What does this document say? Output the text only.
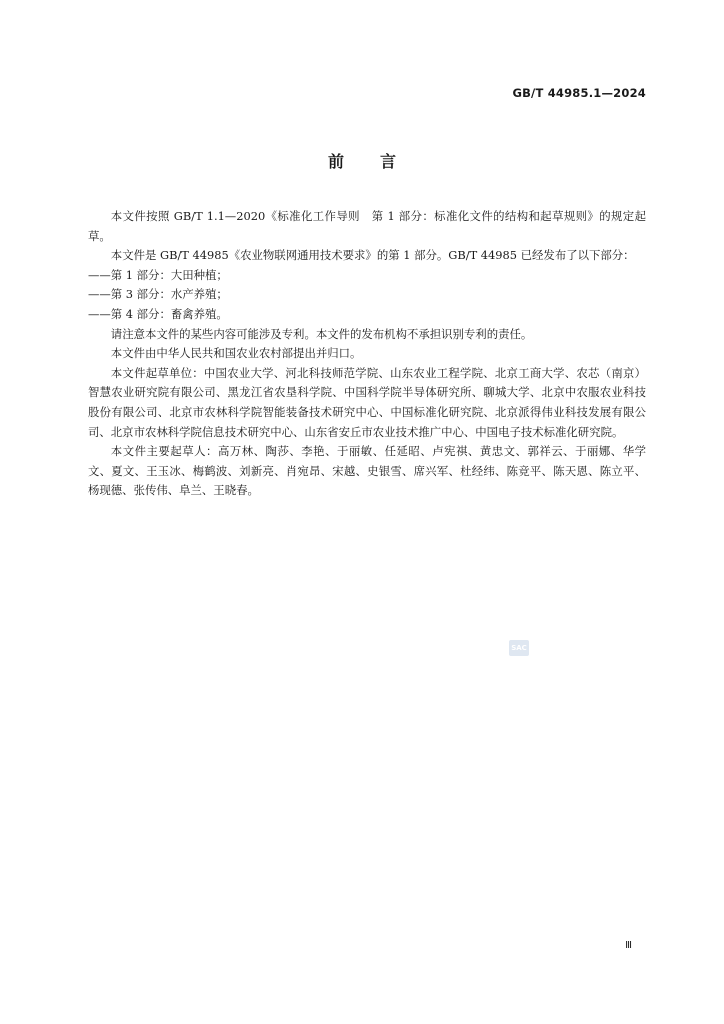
GB/T 44985.1—2024
前言

本文件按照 GB/T 1.1—2020《标准化工作导则　第 1 部分：标准化文件的结构和起草规则》的规定起草。

本文件是 GB/T 44985《农业物联网通用技术要求》的第 1 部分。GB/T 44985 已经发布了以下部分：

——第 1 部分：大田种植；

——第 3 部分：水产养殖；

——第 4 部分：畜禽养殖。

请注意本文件的某些内容可能涉及专利。本文件的发布机构不承担识别专利的责任。

本文件由中华人民共和国农业农村部提出并归口。

本文件起草单位：中国农业大学、河北科技师范学院、山东农业工程学院、北京工商大学、农芯（南京）智慧农业研究院有限公司、黑龙江省农垦科学院、中国科学院半导体研究所、聊城大学、北京中农服农业科技股份有限公司、北京市农林科学院智能装备技术研究中心、中国标准化研究院、北京派得伟业科技发展有限公司、北京市农林科学院信息技术研究中心、山东省安丘市农业技术推广中心、中国电子技术标准化研究院。

本文件主要起草人：高万林、陶莎、李艳、于丽敏、任延昭、卢宪祺、黄忠文、郭祥云、于丽娜、华学文、夏文、王玉冰、梅鹤波、刘新亮、肖宛昂、宋越、史银雪、席兴军、杜经纬、陈竞平、陈天恩、陈立平、杨现德、张传伟、阜兰、王晓春。

SAC
Ⅲ
